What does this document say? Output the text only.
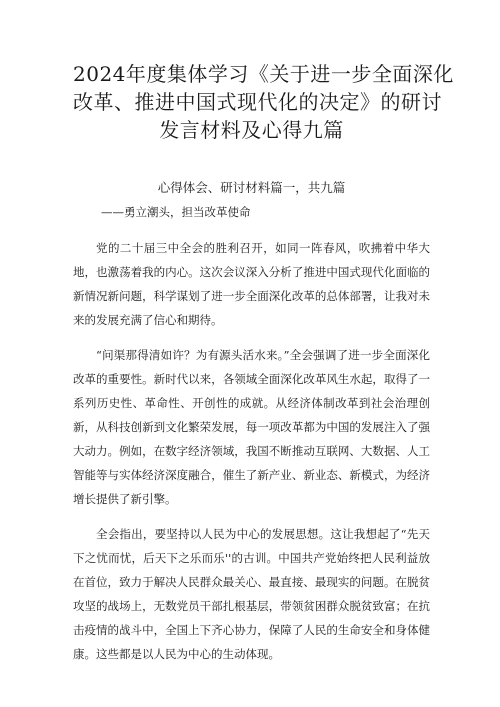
2024年度集体学习《关于进一步全面深化
改革、推进中国式现代化的决定》的研讨
发言材料及心得九篇
心得体会、研讨材料篇一，共九篇
——勇立潮头，担当改革使命

党的二十届三中全会的胜利召开，如同一阵春风，吹拂着中华大地，也激荡着我的内心。这次会议深入分析了推进中国式现代化面临的新情况新问题，科学谋划了进一步全面深化改革的总体部署，让我对未来的发展充满了信心和期待。

“问渠那得清如许？为有源头活水来。”全会强调了进一步全面深化改革的重要性。新时代以来，各领域全面深化改革风生水起，取得了一系列历史性、革命性、开创性的成就。从经济体制改革到社会治理创新，从科技创新到文化繁荣发展，每一项改革都为中国的发展注入了强大动力。例如，在数字经济领域，我国不断推动互联网、大数据、人工智能等与实体经济深度融合，催生了新产业、新业态、新模式，为经济增长提供了新引擎。

全会指出，要坚持以人民为中心的发展思想。这让我想起了“先天下之忧而忧，后天下之乐而乐''的古训。中国共产党始终把人民利益放在首位，致力于解决人民群众最关心、最直接、最现实的问题。在脱贫攻坚的战场上，无数党员干部扎根基层，带领贫困群众脱贫致富；在抗击疫情的战斗中，全国上下齐心协力，保障了人民的生命安全和身体健康。这些都是以人民为中心的生动体现。
